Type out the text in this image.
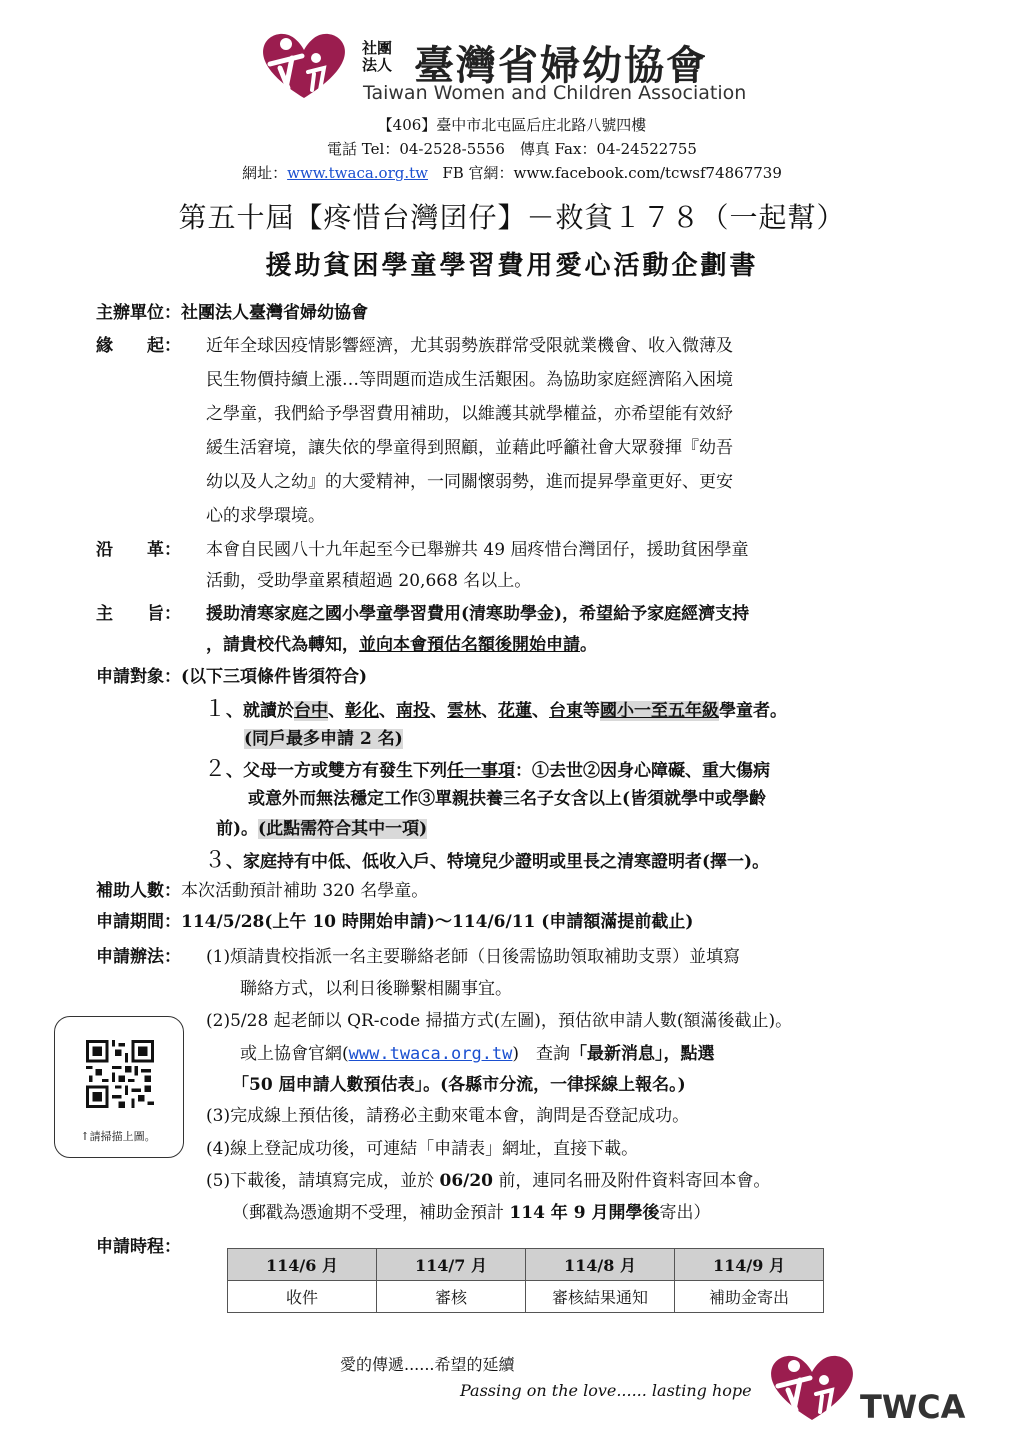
社團
法人 臺灣省婦幼協會
Taiwan Women and Children Association
【406】臺中市北屯區后庄北路八號四樓
電話 Tel：04-2528-5556　傳真 Fax：04-24522755
網址：www.twaca.org.tw FB 官網：www.facebook.com/tcwsf74867739
第五十屆【疼惜台灣囝仔】－救貧１７８（一起幫）
援助貧困學童學習費用愛心活動企劃書
主辦單位：社團法人臺灣省婦幼協會
緣　　起： 近年全球因疫情影響經濟，尤其弱勢族群常受限就業機會、收入微薄及
民生物價持續上漲…等問題而造成生活艱困。為協助家庭經濟陷入困境
之學童，我們給予學習費用補助，以維護其就學權益，亦希望能有效紓
緩生活窘境，讓失依的學童得到照顧，並藉此呼籲社會大眾發揮『幼吾
幼以及人之幼』的大愛精神，一同關懷弱勢，進而提昇學童更好、更安
心的求學環境。
沿　　革： 本會自民國八十九年起至今已舉辦共 49 屆疼惜台灣囝仔，援助貧困學童
活動，受助學童累積超過 20,668 名以上。
主　　旨： 援助清寒家庭之國小學童學習費用(清寒助學金)，希望給予家庭經濟支持
，請貴校代為轉知，並向本會預估名額後開始申請。
申請對象：(以下三項條件皆須符合)
１、就讀於台中、彰化、南投、雲林、花蓮、台東等國小一至五年級學童者。
(同戶最多申請 2 名)
２、父母一方或雙方有發生下列任一事項：①去世②因身心障礙、重大傷病
或意外而無法穩定工作③單親扶養三名子女含以上(皆須就學中或學齡
前)。(此點需符合其中一項)
３、家庭持有中低、低收入戶、特境兒少證明或里長之清寒證明者(擇一)。
補助人數：本次活動預計補助 320 名學童。
申請期間：114/5/28(上午 10 時開始申請)～114/6/11 (申請額滿提前截止)
申請辦法： (1)煩請貴校指派一名主要聯絡老師（日後需協助領取補助支票）並填寫
聯絡方式，以利日後聯繫相關事宜。
(2)5/28 起老師以 QR-code 掃描方式(左圖)，預估欲申請人數(額滿後截止)。
或上協會官網(www.twaca.org.tw)　查詢「最新消息」，點選
「50 屆申請人數預估表」。(各縣市分流，一律採線上報名。)
(3)完成線上預估後，請務必主動來電本會，詢問是否登記成功。
(4)線上登記成功後，可連結「申請表」網址，直接下載。
(5)下載後，請填寫完成，並於 06/20 前，連同名冊及附件資料寄回本會。
（郵戳為憑逾期不受理，補助金預計 114 年 9 月開學後寄出）
↑請掃描上圖。
申請時程：
114/6 月	114/7 月	114/8 月	114/9 月
收件	審核	審核結果通知	補助金寄出
愛的傳遞......希望的延續
Passing on the love...... lasting hope	TWCA
